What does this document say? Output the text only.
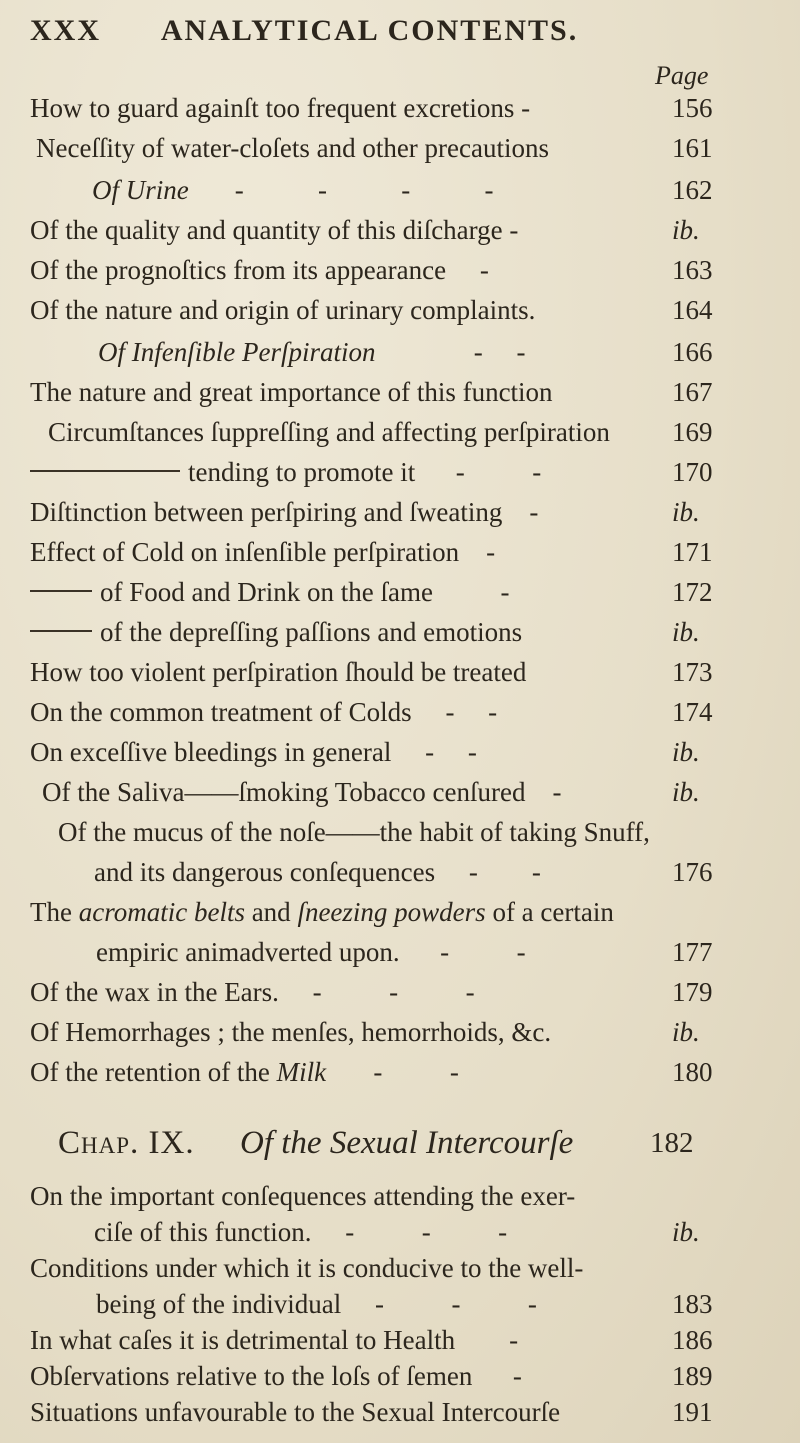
XXX ANALYTICAL CONTENTS.
Page
How to guard againſt too frequent excretions -	156
Neceſſity of water-cloſets and other precautions	161
Of Urine -           -           -           -	162
Of the quality and quantity of this diſcharge -	ib.
Of the prognoſtics from its appearance     -	163
Of the nature and origin of urinary complaints.	164
Of Infenſible Perſpiration -     -	166
The nature and great importance of this function	167
Circumſtances ſuppreſſing and affecting perſpiration 169
tending to promote it      -          -	170
Diſtinction between perſpiring and ſweating    -	ib.
Effect of Cold on inſenſible perſpiration    -	171
of Food and Drink on the ſame          -	172
of the depreſſing paſſions and emotions	ib.
How too violent perſpiration ſhould be treated	173
On the common treatment of Colds     -     -	174
On exceſſive bleedings in general     -     -	ib.
Of the Saliva——ſmoking Tobacco cenſured    -	ib.
Of the mucus of the noſe——the habit of taking Snuff,
and its dangerous conſequences     -        -	176
The acromatic belts and ſneezing powders of a certain
empiric animadverted upon.      -          -	177
Of the wax in the Ears.     -          -          -	179
Of Hemorrhages ; the menſes, hemorrhoids, &c.	ib.
Of the retention of the Milk       -          -	180
Chap. IX. Of the Sexual Intercourſe	182
On the important conſequences attending the exer-
ciſe of this function.     -          -          -	ib.
Conditions under which it is conducive to the well-
being of the individual     -          -          -	183
In what caſes it is detrimental to Health        -	186
Obſervations relative to the loſs of ſemen      -	189
Situations unfavourable to the Sexual Intercourſe	191
